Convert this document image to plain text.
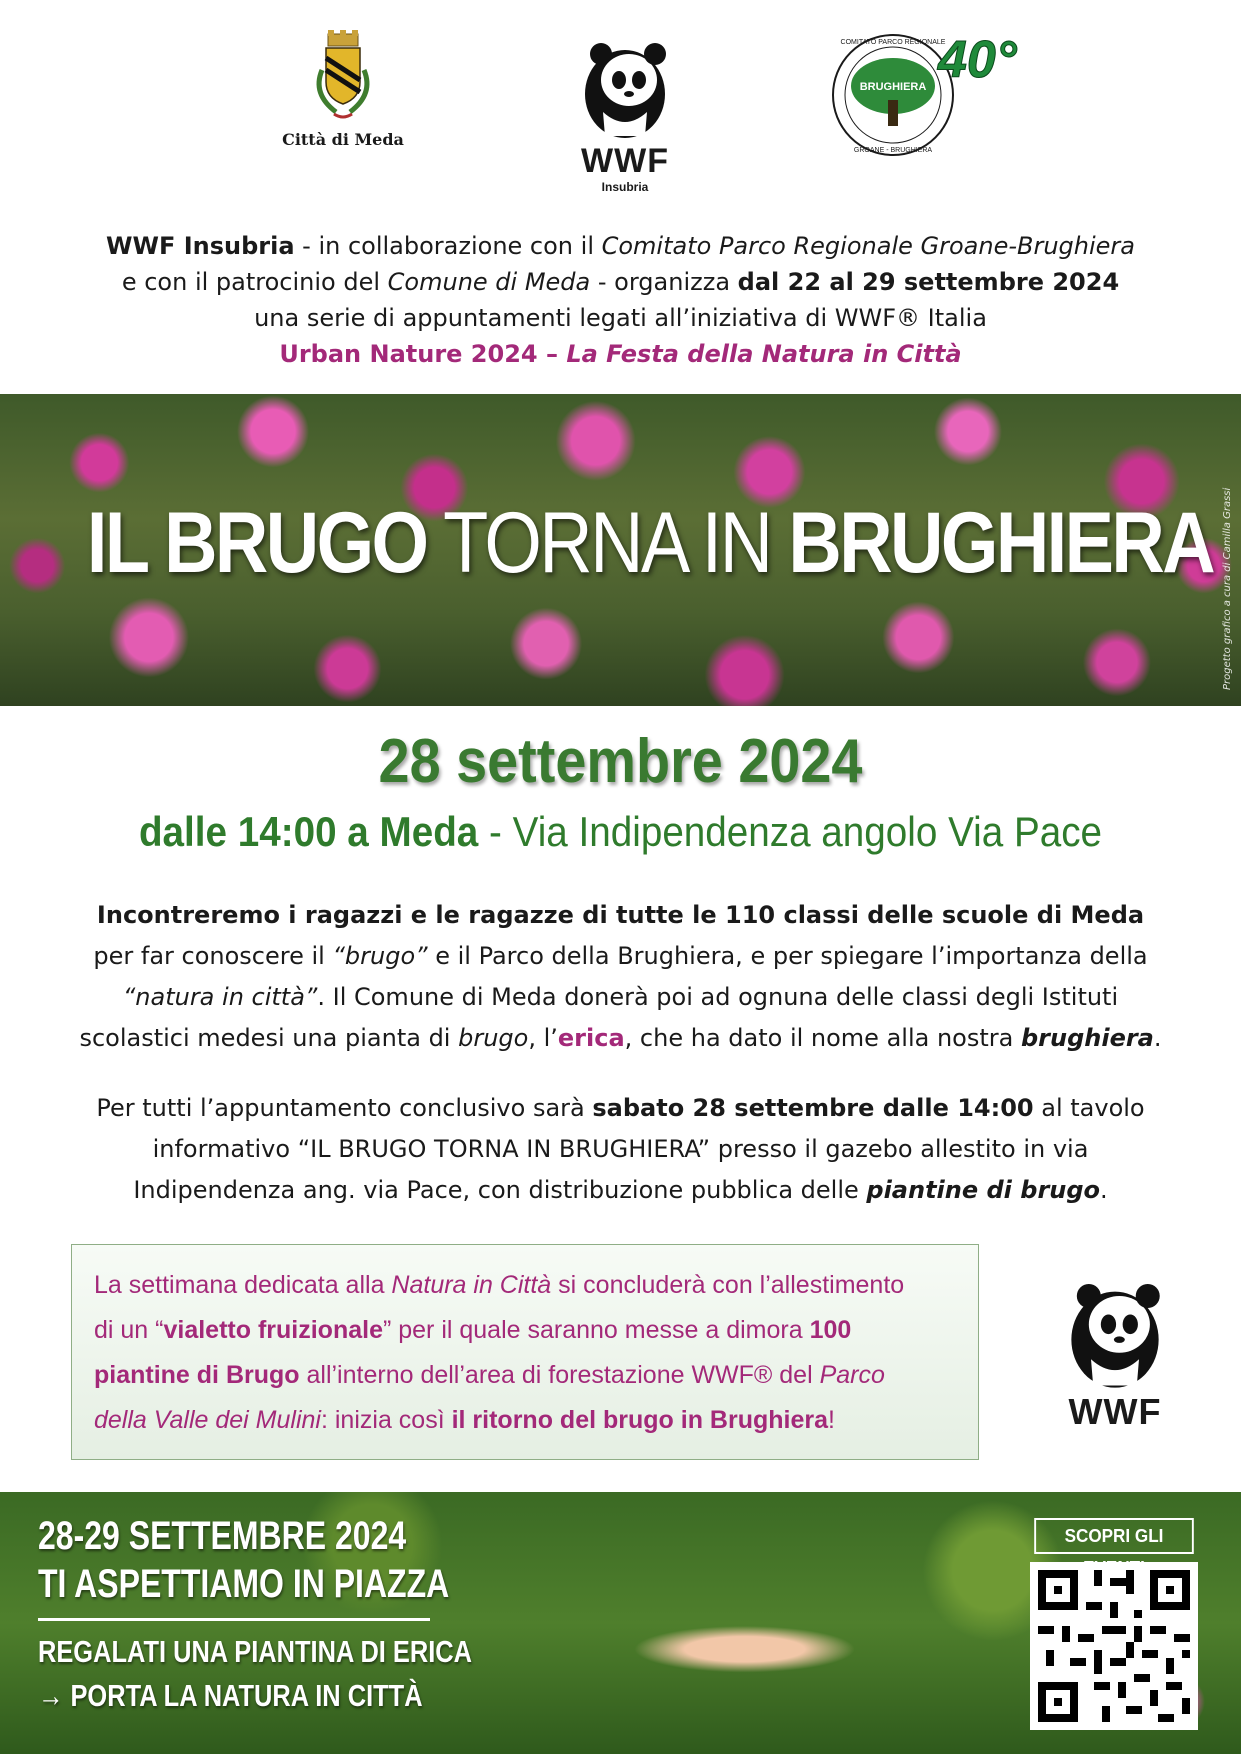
Città di Meda
WWF
Insubria
BRUGHIERA
COMITATO PARCO REGIONALE
GROANE - BRUGHIERA
40°
WWF Insubria - in collaborazione con il Comitato Parco Regionale Groane-Brughiera
e con il patrocinio del Comune di Meda - organizza dal 22 al 29 settembre 2024
una serie di appuntamenti legati all’iniziativa di WWF® Italia
Urban Nature 2024 – La Festa della Natura in Città
IL BRUGO TORNA IN BRUGHIERA Progetto grafico a cura di Camilla Grassi
28 settembre 2024
dalle 14:00 a Meda - Via Indipendenza angolo Via Pace
Incontreremo i ragazzi e le ragazze di tutte le 110 classi delle scuole di Meda
per far conoscere il “brugo” e il Parco della Brughiera, e per spiegare l’importanza della
“natura in città”. Il Comune di Meda donerà poi ad ognuna delle classi degli Istituti
scolastici medesi una pianta di brugo, l’erica, che ha dato il nome alla nostra brughiera.
Per tutti l’appuntamento conclusivo sarà sabato 28 settembre dalle 14:00 al tavolo
informativo “IL BRUGO TORNA IN BRUGHIERA” presso il gazebo allestito in via
Indipendenza ang. via Pace, con distribuzione pubblica delle piantine di brugo.
La settimana dedicata alla Natura in Città si concluderà con l’allestimento
di un “vialetto fruizionale” per il quale saranno messe a dimora 100
piantine di Brugo all’interno dell’area di forestazione WWF® del Parco
della Valle dei Mulini: inizia così il ritorno del brugo in Brughiera!	WWF
28-29 SETTEMBRE 2024
TI ASPETTIAMO IN PIAZZA
REGALATI UNA PIANTINA DI ERICA
→ PORTA LA NATURA IN CITTÀ
SCOPRI GLI
